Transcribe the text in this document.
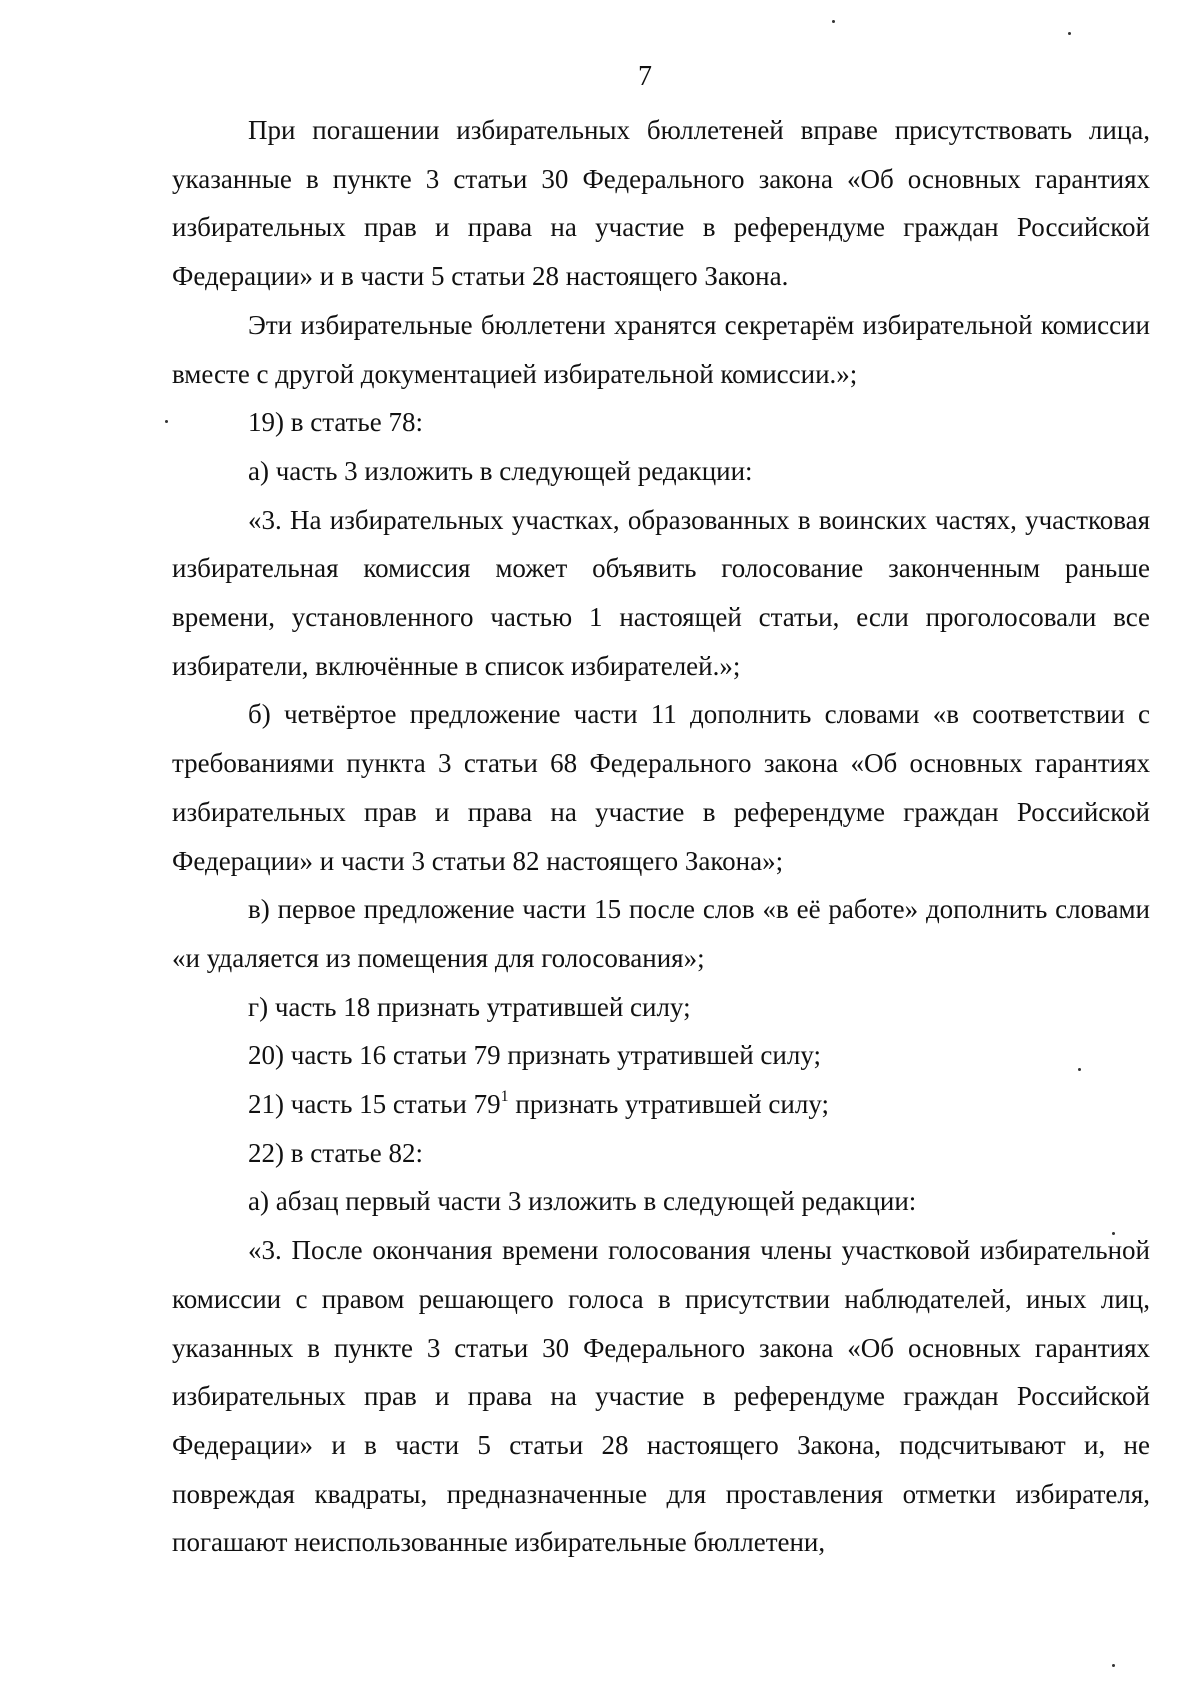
7

При погашении избирательных бюллетеней вправе присутствовать лица, указанные в пункте 3 статьи 30 Федерального закона «Об основных гарантиях избирательных прав и права на участие в референдуме граждан Российской Федерации» и в части 5 статьи 28 настоящего Закона.

Эти избирательные бюллетени хранятся секретарём избирательной комиссии вместе с другой документацией избирательной комиссии.»;

19) в статье 78:

а) часть 3 изложить в следующей редакции:

«3. На избирательных участках, образованных в воинских частях, участковая избирательная комиссия может объявить голосование законченным раньше времени, установленного частью 1 настоящей статьи, если проголосовали все избиратели, включённые в список избирателей.»;

б) четвёртое предложение части 11 дополнить словами «в соответствии с требованиями пункта 3 статьи 68 Федерального закона «Об основных гарантиях избирательных прав и права на участие в референдуме граждан Российской Федерации» и части 3 статьи 82 настоящего Закона»;

в) первое предложение части 15 после слов «в её работе» дополнить словами «и удаляется из помещения для голосования»;

г) часть 18 признать утратившей силу;

20) часть 16 статьи 79 признать утратившей силу;

21) часть 15 статьи $79^1$ признать утратившей силу;

22) в статье 82:

а) абзац первый части 3 изложить в следующей редакции:

«3. После окончания времени голосования члены участковой избирательной комиссии с правом решающего голоса в присутствии наблюдателей, иных лиц, указанных в пункте 3 статьи 30 Федерального закона «Об основных гарантиях избирательных прав и права на участие в референдуме граждан Российской Федерации» и в части 5 статьи 28 настоящего Закона, подсчитывают и, не повреждая квадраты, предназначенные для проставления отметки избирателя, погашают неиспользованные избирательные бюллетени,
